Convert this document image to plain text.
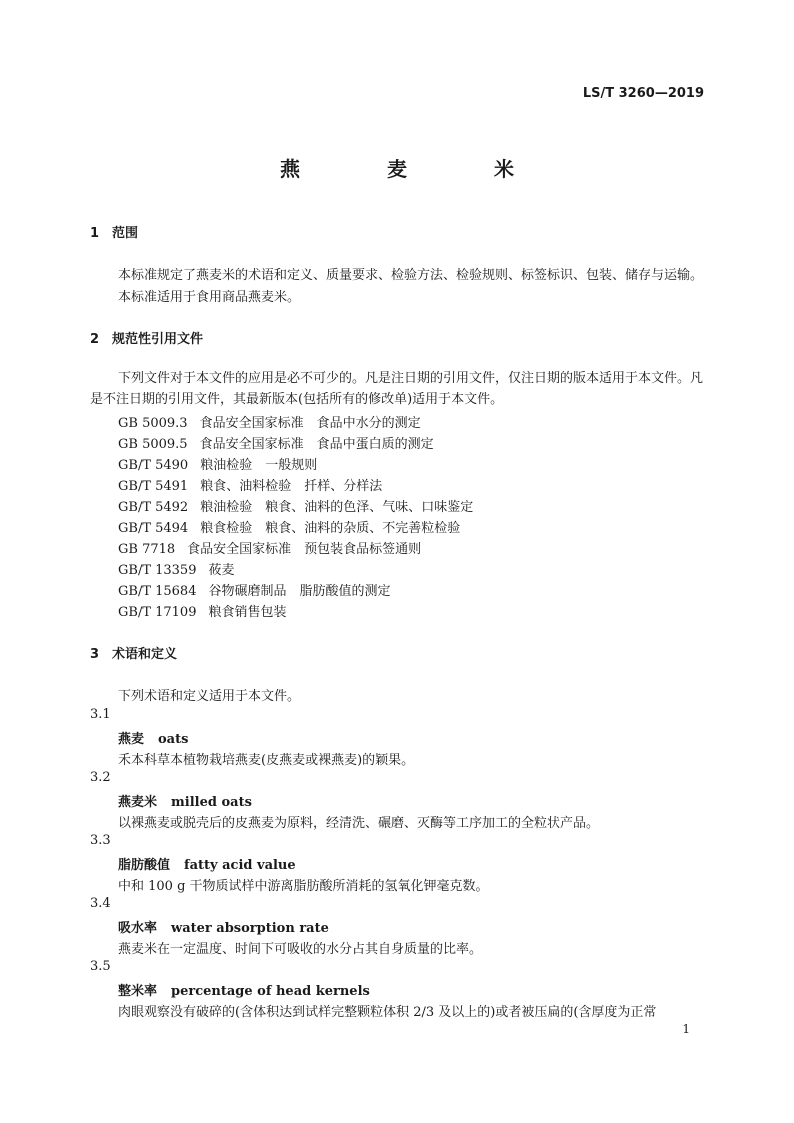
LS/T 3260—2019
燕 麦 米
1 范围
本标准规定了燕麦米的术语和定义、质量要求、检验方法、检验规则、标签标识、包装、储存与运输。
本标准适用于食用商品燕麦米。
2 规范性引用文件
下列文件对于本文件的应用是必不可少的。凡是注日期的引用文件，仅注日期的版本适用于本文件。凡是不注日期的引用文件，其最新版本(包括所有的修改单)适用于本文件。
GB 5009.3 食品安全国家标准　食品中水分的测定
GB 5009.5 食品安全国家标准　食品中蛋白质的测定
GB/T 5490 粮油检验　一般规则
GB/T 5491 粮食、油料检验　扦样、分样法
GB/T 5492 粮油检验　粮食、油料的色泽、气味、口味鉴定
GB/T 5494 粮食检验　粮食、油料的杂质、不完善粒检验
GB 7718 食品安全国家标准　预包装食品标签通则
GB/T 13359 莜麦
GB/T 15684 谷物碾磨制品　脂肪酸值的测定
GB/T 17109 粮食销售包装
3 术语和定义
下列术语和定义适用于本文件。
3.1
燕麦 oats
禾本科草本植物栽培燕麦(皮燕麦或裸燕麦)的颖果。
3.2
燕麦米 milled oats
以裸燕麦或脱壳后的皮燕麦为原料，经清洗、碾磨、灭酶等工序加工的全粒状产品。
3.3
脂肪酸值 fatty acid value
中和 100 g 干物质试样中游离脂肪酸所消耗的氢氧化钾毫克数。
3.4
吸水率 water absorption rate
燕麦米在一定温度、时间下可吸收的水分占其自身质量的比率。
3.5
整米率 percentage of head kernels
肉眼观察没有破碎的(含体积达到试样完整颗粒体积 2/3 及以上的)或者被压扁的(含厚度为正常
1
